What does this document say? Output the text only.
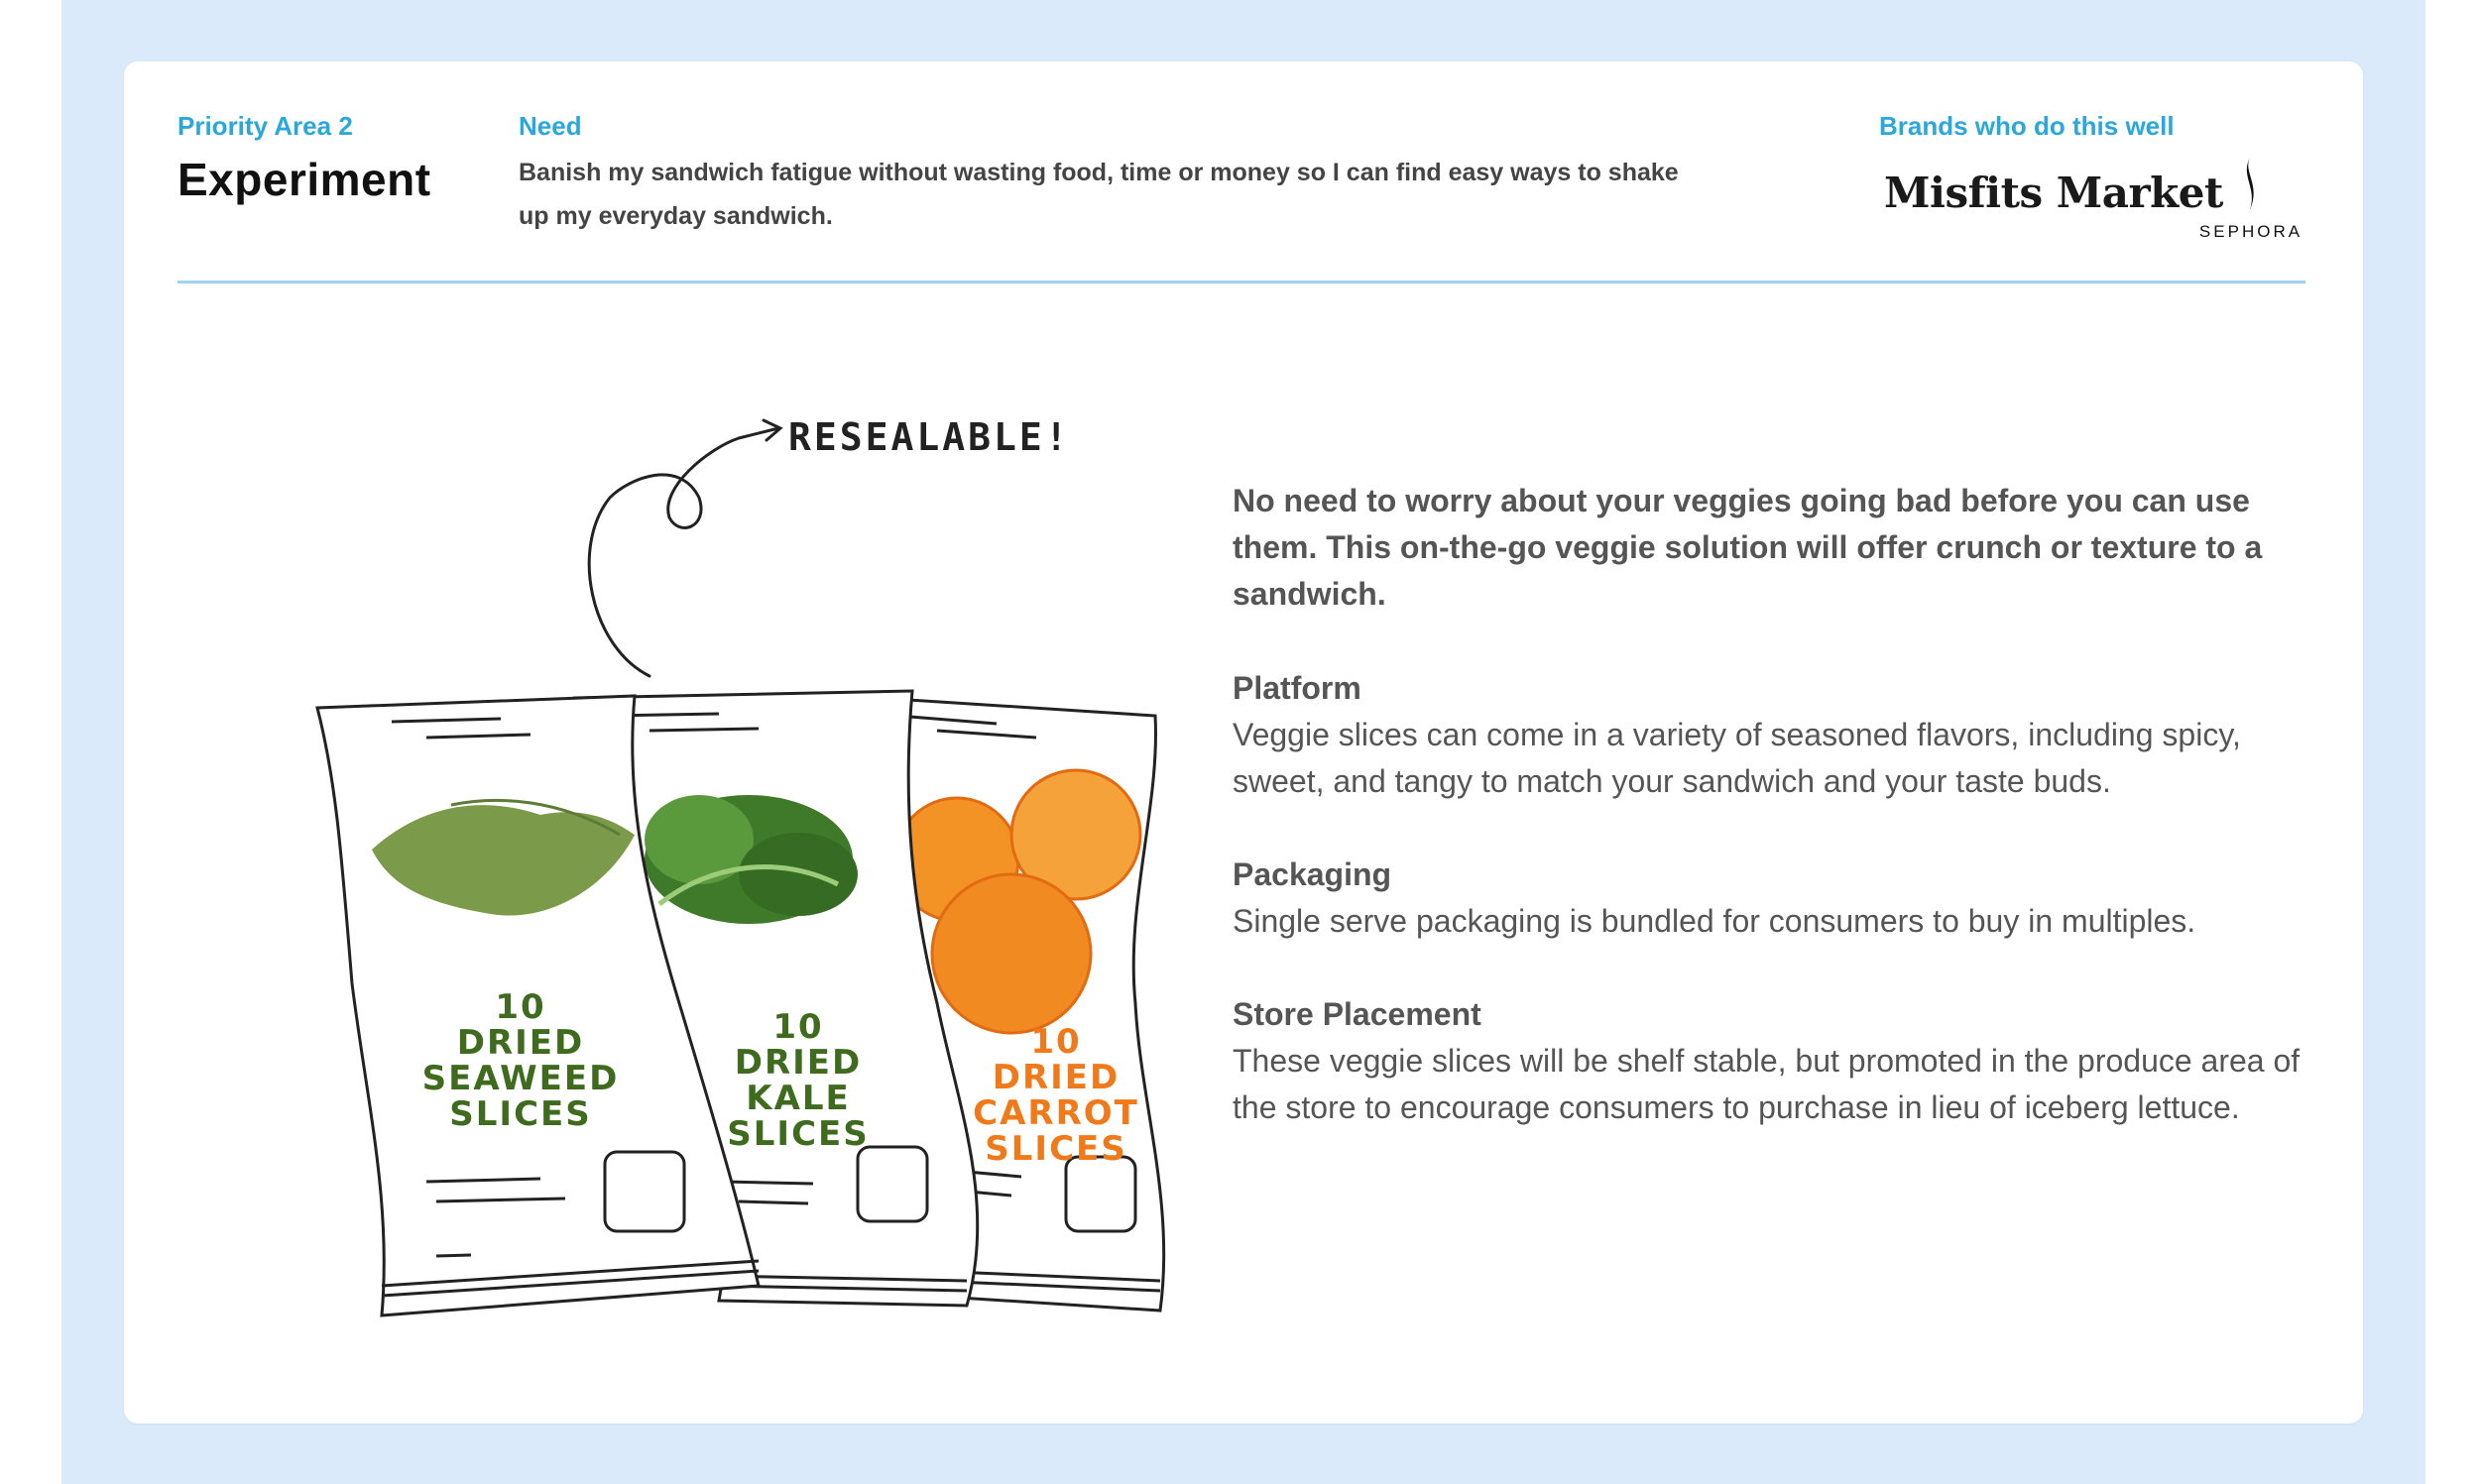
Priority Area 2
Experiment
Need
Banish my sandwich fatigue without wasting food, time or money so I can find easy ways to shake up my everyday sandwich.
Brands who do this well
Misfits Market
SEPHORA
RESEALABLE!
10
DRIED
CARROT
SLICES
10
DRIED
KALE
SLICES
10
DRIED
SEAWEED
SLICES
No need to worry about your veggies going bad before you can use them. This on-the-go veggie solution will offer crunch or texture to a sandwich.
Platform
Veggie slices can come in a variety of seasoned flavors, including spicy, sweet, and tangy to match your sandwich and your taste buds.
Packaging
Single serve packaging is bundled for consumers to buy in multiples.
Store Placement
These veggie slices will be shelf stable, but promoted in the produce area of the store to encourage consumers to purchase in lieu of iceberg lettuce.
